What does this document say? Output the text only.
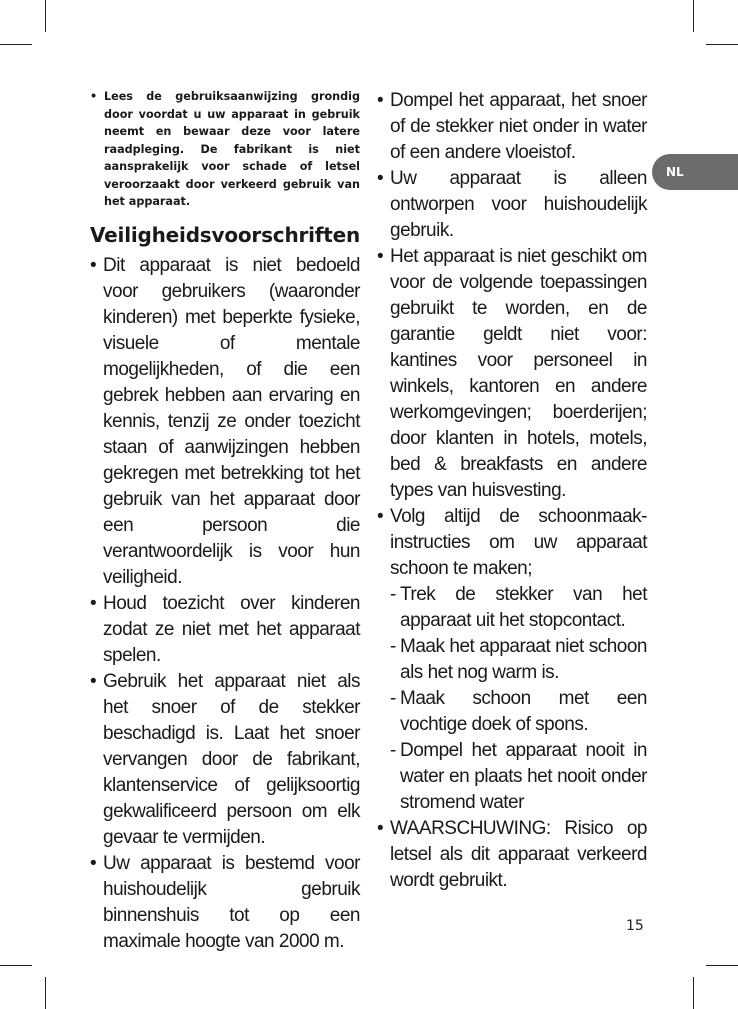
NL
• Lees de gebruiksaanwijzing grondig door voordat u uw apparaat in gebruik neemt en bewaar deze voor latere raadpleging. De fabrikant is niet aansprakelijk voor schade of letsel veroorzaakt door verkeerd gebruik van het apparaat.
Veiligheidsvoorschriften
• Dit apparaat is niet bedoeld voor gebruikers (waaronder kinderen) met beperkte fysieke, visuele of mentale mogelijkheden, of die een gebrek hebben aan ervaring en kennis, tenzij ze onder toezicht staan of aanwijzingen hebben gekregen met betrekking tot het gebruik van het apparaat door een persoon die verantwoordelijk is voor hun veiligheid.
• Houd toezicht over kinderen zodat ze niet met het apparaat spelen.
• Gebruik het apparaat niet als het snoer of de stekker beschadigd is. Laat het snoer vervangen door de fabrikant, klantenservice of gelijksoortig gekwalificeerd persoon om elk gevaar te vermijden.
• Uw apparaat is bestemd voor huishoudelijk gebruik binnenshuis tot op een maximale hoogte van 2000 m.
• Dompel het apparaat, het snoer of de stekker niet onder in water of een andere vloeistof.
• Uw apparaat is alleen ontworpen voor huishoudelijk gebruik.
• Het apparaat is niet geschikt om voor de volgende toepassingen gebruikt te worden, en de garantie geldt niet voor: kantines voor personeel in winkels, kantoren en andere werkomgevingen; boerderijen; door klanten in hotels, motels, bed & breakfasts en andere types van huisvesting.
• Volg altijd de schoonmaak-instructies om uw apparaat schoon te maken;
- Trek de stekker van het apparaat uit het stopcontact.
- Maak het apparaat niet schoon als het nog warm is.
- Maak schoon met een vochtige doek of spons.
- Dompel het apparaat nooit in water en plaats het nooit onder stromend water
• WAARSCHUWING: Risico op letsel als dit apparaat verkeerd wordt gebruikt.
15
